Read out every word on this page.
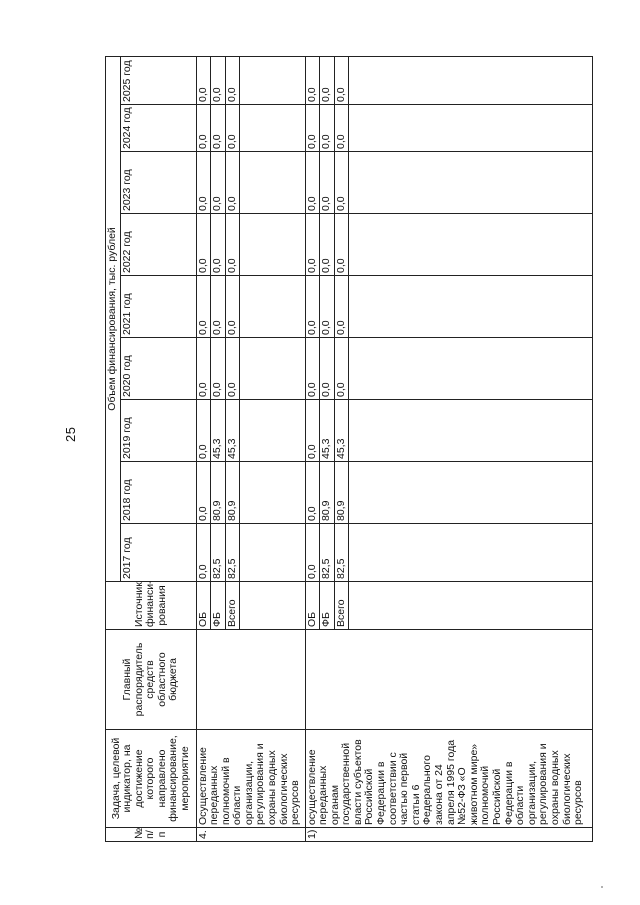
25
№ п/п	Задача, целевой индикатор, на достижение которого направлено финансирование, мероприятие	Главный распорядитель средств областного бюджета	Источник финанси-рования	Объем финансирования, тыс. рублей								
				2017 год	2018 год	2019 год	2020 год	2021 год	2022 год	2023 год	2024 год	2025 год
4.	Осуществление переданных полномочий в области организации, регулирования и охраны водных биологических ресурсов		ОБ	0,0	0,0	0,0	0,0	0,0	0,0	0,0	0,0	0,0
			ФБ	82,5	80,9	45,3	0,0	0,0	0,0	0,0	0,0	0,0
			Всего	82,5	80,9	45,3	0,0	0,0	0,0	0,0	0,0	0,0

1)	осуществление переданных органам государственной власти субъектов Российской Федерации в соответствии с частью первой статьи 6 Федерального закона от 24 апреля 1995 года №52-ФЗ «О животном мире» полномочий Российской Федерации в области организации, регулирования и охраны водных биологических ресурсов		ОБ	0,0	0,0	0,0	0,0	0,0	0,0	0,0	0,0	0,0
			ФБ	82,5	80,9	45,3	0,0	0,0	0,0	0,0	0,0	0,0
			Всего	82,5	80,9	45,3	0,0	0,0	0,0	0,0	0,0	0,0
